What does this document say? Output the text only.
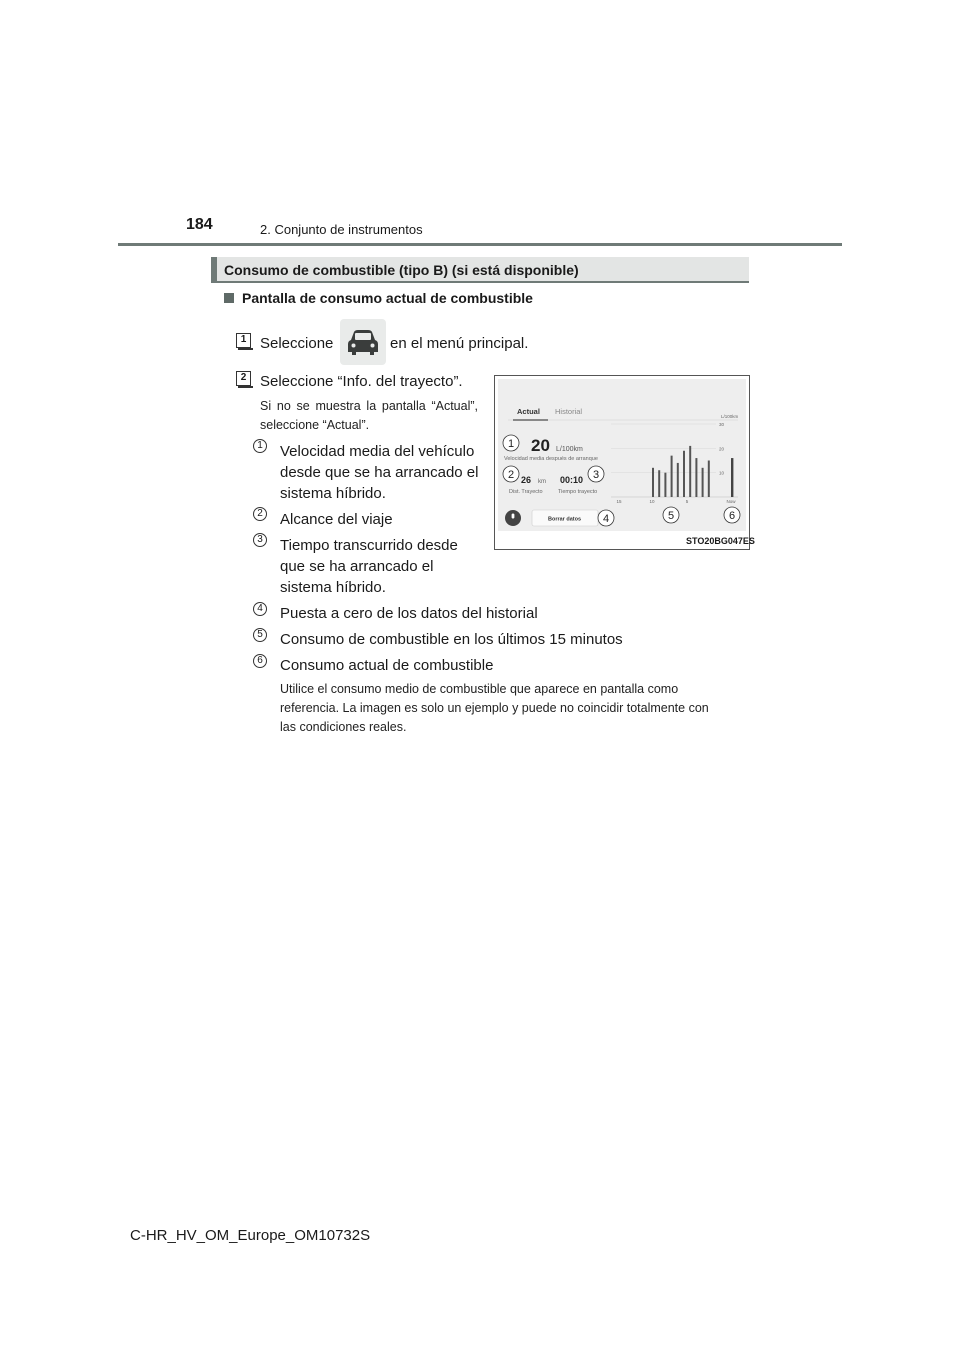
184	2. Conjunto de instrumentos
Consumo de combustible (tipo B) (si está disponible)
Pantalla de consumo actual de combustible
1 Seleccione	en el menú principal.
2 Seleccione “Info. del trayecto”.
Si no se muestra la pantalla “Actual”, seleccione “Actual”.
1 Velocidad media del vehículo
desde que se ha arrancado el
sistema híbrido.
2 Alcance del viaje
3 Tiempo transcurrido desde
que se ha arrancado el
sistema híbrido.
4 Puesta a cero de los datos del historial
5 Consumo de combustible en los últimos 15 minutos
6 Consumo actual de combustible
Utilice el consumo medio de combustible que aparece en pantalla como
referencia. La imagen es solo un ejemplo y puede no coincidir totalmente con
las condiciones reales.
Actual Historial
20 L/100km
Velocidad media después de arranque
26 km
Dist. Trayecto
00:10
Tiempo trayecto
Borrar datos
L/100km
30
20
10
15	10	5	Now
1
2	3
4	5	6
STO20BG047ES
C-HR_HV_OM_Europe_OM10732S
